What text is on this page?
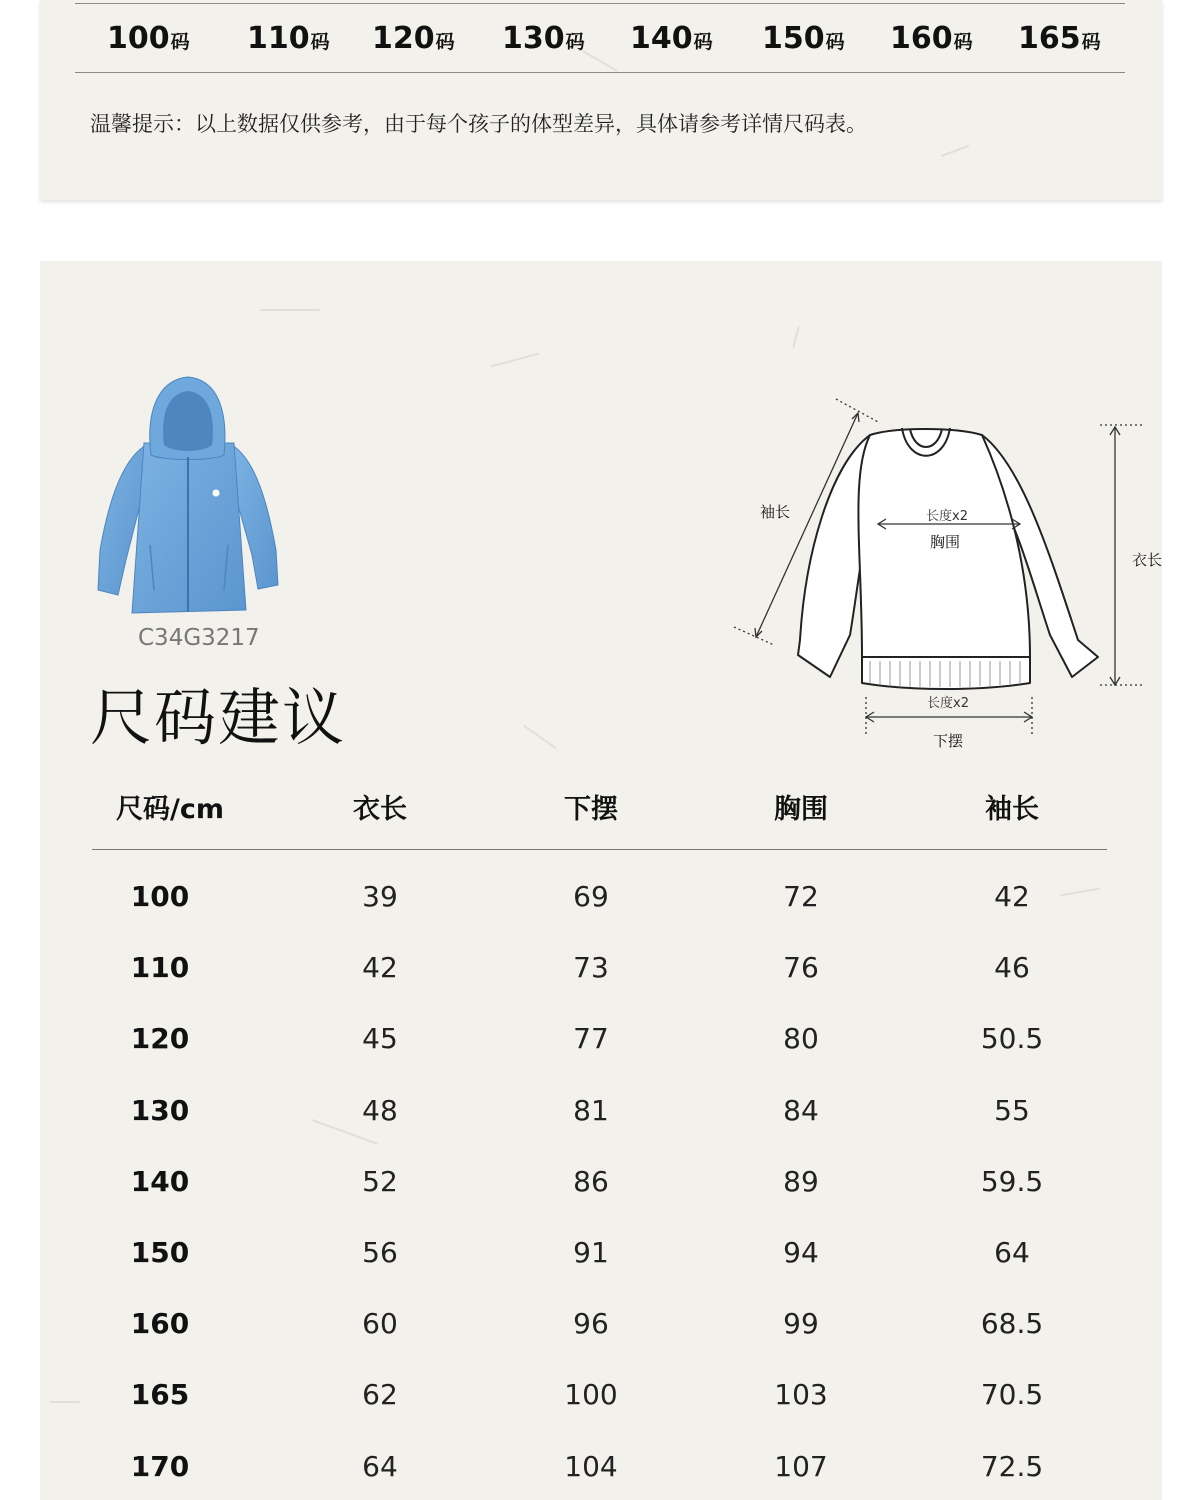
100码 110码 120码 130码 140码 150码 160码 165码
温馨提示：以上数据仅供参考，由于每个孩子的体型差异，具体请参考详情尺码表。
C34G3217
尺码建议
袖长	长度x2
胸围
衣长
长度x2
下摆
尺码/cm	衣长	下摆	胸围	袖长
100	39	69	72	42
110	42	73	76	46
120	45	77	80	50.5
130	48	81	84	55
140	52	86	89	59.5
150	56	91	94	64
160	60	96	99	68.5
165	62	100	103	70.5
170	64	104	107	72.5
